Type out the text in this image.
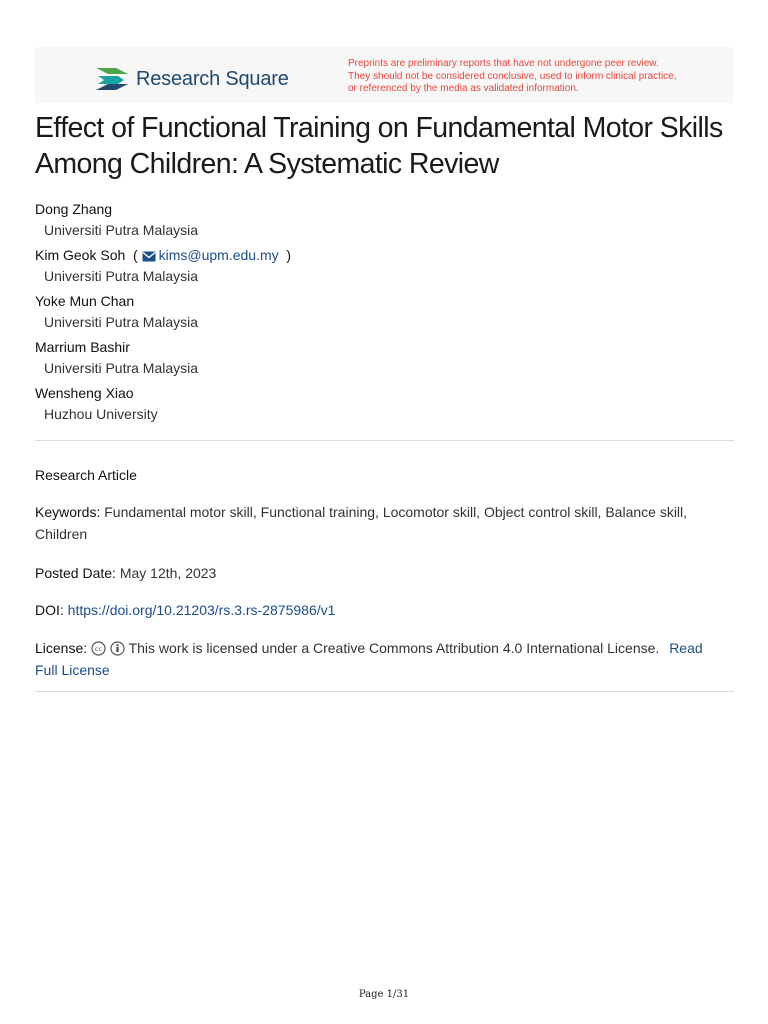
Research Square
Preprints are preliminary reports that have not undergone peer review.
They should not be considered conclusive, used to inform clinical practice,
or referenced by the media as validated information.
Effect of Functional Training on Fundamental Motor Skills Among Children: A Systematic Review
Dong Zhang
Universiti Putra Malaysia
Kim Geok Soh  ( kims@upm.edu.my  )
Universiti Putra Malaysia
Yoke Mun Chan
Universiti Putra Malaysia
Marrium Bashir
Universiti Putra Malaysia
Wensheng Xiao
Huzhou University
Research Article
Keywords: Fundamental motor skill, Functional training, Locomotor skill, Object control skill, Balance skill,
Children
Posted Date: May 12th, 2023
DOI: https://doi.org/10.21203/rs.3.rs-2875986/v1
License: cc This work is licensed under a Creative Commons Attribution 4.0 International License. Read
Full License
Page 1/31
